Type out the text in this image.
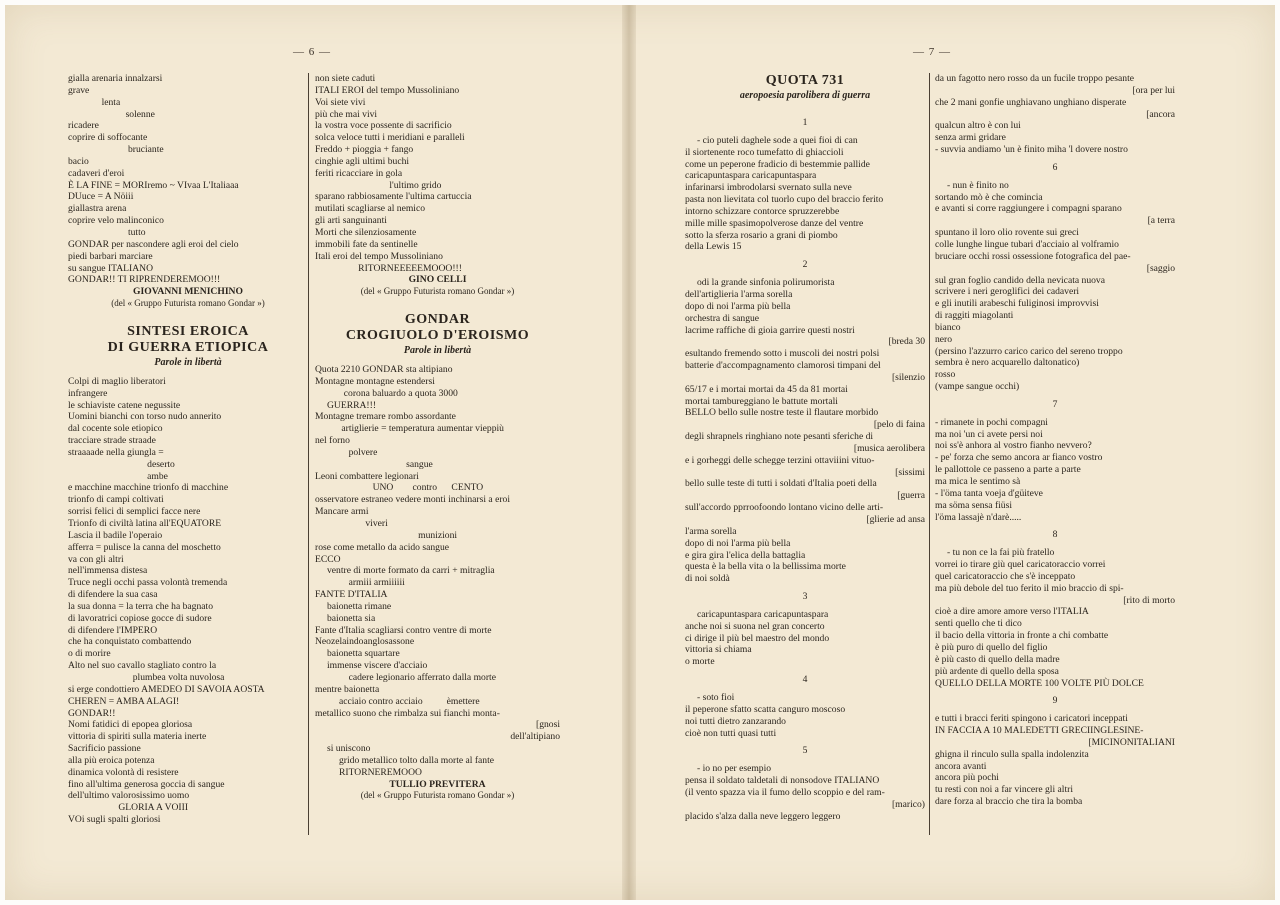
— 6 —	— 7 —
gialla arenaria innalzarsi
grave
lenta
solenne
ricadere
coprire di soffocante
bruciante
bacio
cadaveri d'eroi
È LA FINE = MORIremo ~ VIvaa L'Italiaaa
DUuce = A Nöiii
giallastra arena
coprire velo malinconico
tutto
GONDAR per nascondere agli eroi del cielo
piedi barbari marciare
su sangue ITALIANO
GONDAR!! TI RIPRENDEREMOO!!!
GIOVANNI MENICHINO
(del « Gruppo Futurista romano Gondar »)
SINTESI EROICA
DI GUERRA ETIOPICA
Parole in libertà
Colpi di maglio liberatori
infrangere
le schiaviste catene negussite
Uomini bianchi con torso nudo annerito
dal cocente sole etiopico
tracciare strade straade
straaaade nella giungla =
deserto
ambe
e macchine macchine trionfo di macchine
trionfo di campi coltivati
sorrisi felici di semplici facce nere
Trionfo di civiltà latina all'EQUATORE
Lascia il badile l'operaio
afferra = pulisce la canna del moschetto
va con gli altri
nell'immensa distesa
Truce negli occhi passa volontà tremenda
di difendere la sua casa
la sua donna = la terra che ha bagnato
di lavoratrici copiose gocce di sudore
di difendere l'IMPERO
che ha conquistato combattendo
o di morire
Alto nel suo cavallo stagliato contro la
plumbea volta nuvolosa
si erge condottiero AMEDEO DI SAVOIA AOSTA
CHEREN = AMBA ALAGI!
GONDAR!!
Nomi fatidici di epopea gloriosa
vittoria di spiriti sulla materia inerte
Sacrificio passione
alla più eroica potenza
dinamica volontà di resistere
fino all'ultima generosa goccia di sangue
dell'ultimo valorosissimo uomo
GLORIA A VOIII
VOi sugli spalti gloriosi
non siete caduti
ITALI EROI del tempo Mussoliniano
Voi siete vivi
più che mai vivi
la vostra voce possente di sacrificio
solca veloce tutti i meridiani e paralleli
Freddo + pioggia + fango
cinghie agli ultimi buchi
feriti ricacciare in gola
l'ultimo grido
sparano rabbiosamente l'ultima cartuccia
mutilati scagliarse al nemico
gli arti sanguinanti
Morti che silenziosamente
immobili fate da sentinelle
Itali eroi del tempo Mussoliniano
RITORNEEEEEMOOO!!!
GINO CELLI
(del « Gruppo Futurista romano Gondar »)
GONDAR
CROGIUOLO D'EROISMO
Parole in libertà
Quota 2210 GONDAR sta altipiano
Montagne montagne estendersi
corona baluardo a quota 3000
GUERRA!!!
Montagne tremare rombo assordante
artiglierie = temperatura aumentar vieppiù
nel forno
polvere
sangue
Leoni combattere legionari
UNO        contro      CENTO
osservatore estraneo vedere monti inchinarsi a eroi
Mancare armi
viveri
munizioni
rose come metallo da acido sangue
ECCO
ventre di morte formato da carri + mitraglia
armiii armiiiiii
FANTE D'ITALIA
baionetta rimane
baionetta sia
Fante d'Italia scagliarsi contro ventre di morte
Neozelaindoanglosassone
baionetta squartare
immense viscere d'acciaio
cadere legionario afferrato dalla morte
mentre baionetta
acciaio contro acciaio          èmettere
metallico suono che rimbalza sui fianchi monta-
[gnosi
dell'altipiano
si uniscono
grido metallico tolto dalla morte al fante
RITORNEREMOOO
TULLIO PREVITERA
(del « Gruppo Futurista romano Gondar »)
QUOTA 731
aeropoesia parolibera di guerra
1
- cio puteli daghele sode a quei fioi di can
il siortenente roco tumefatto di ghiaccioli
come un peperone fradicio di bestemmie pallide
caricapuntaspara caricapuntaspara
infarinarsi imbrodolarsi svernato sulla neve
pasta non lievitata col tuorlo cupo del braccio ferito
intorno schizzare contorce spruzzerebbe
mille mille spasimopolverose danze del ventre
sotto la sferza rosario a grani di piombo
della Lewis 15
2
odi la grande sinfonia polirumorista
dell'artiglieria l'arma sorella
dopo di noi l'arma più bella
orchestra di sangue
lacrime raffiche di gioia garrire questi nostri
[breda 30
esultando fremendo sotto i muscoli dei nostri polsi
batterie d'accompagnamento clamorosi timpani del
[silenzio
65/17 e i mortai mortai da 45 da 81 mortai
mortai tambureggiano le battute mortali
BELLO bello sulle nostre teste il flautare morbido
[pelo di faina
degli shrapnels ringhiano note pesanti sferiche di
[musica aerolibera
e i gorheggi delle schegge terzini ottaviiini vituo-
[sissimi
bello sulle teste di tutti i soldati d'Italia poeti della
[guerra
sull'accordo pprroofoondo lontano vicino delle arti-
[glierie ad ansa
l'arma sorella
dopo di noi l'arma più bella
e gira gira l'elica della battaglia
questa è la bella vita o la bellissima morte
di noi soldà
3
caricapuntaspara caricapuntaspara
anche noi si suona nel gran concerto
ci dirige il più bel maestro del mondo
vittoria si chiama
o morte
4
- soto fioi
il peperone sfatto scatta canguro moscoso
noi tutti dietro zanzarando
cioè non tutti quasi tutti
5
- io no per esempio
pensa il soldato taldetali di nonsodove ITALIANO
(il vento spazza via il fumo dello scoppio e del ram-
[marico)
placido s'alza dalla neve leggero leggero
da un fagotto nero rosso da un fucile troppo pesante
[ora per lui
che 2 mani gonfie unghiavano unghiano disperate
[ancora
qualcun altro è con lui
senza armi gridare
- suvvia andiamo 'un è finito miha 'l dovere nostro
6
- nun è finito no
sortando mò è che comincia
e avanti si corre raggiungere i compagni sparano
[a terra
spuntano il loro olio rovente sui greci
colle lunghe lingue tubari d'acciaio al volframio
bruciare occhi rossi ossessione fotografica del pae-
[saggio
sul gran foglio candido della nevicata nuova
scrivere i neri geroglifici dei cadaveri
e gli inutili arabeschi fuliginosi improvvisi
di raggiti miagolanti
bianco
nero
(persino l'azzurro carico carico del sereno troppo
sembra è nero acquarello daltonatico)
rosso
(vampe sangue occhi)
7
- rimanete in pochi compagni
ma noi 'un ci avete persi noi
noi ss'è anhora al vostro fianho nevvero?
- pe' forza che semo ancora ar fianco vostro
le pallottole ce passeno a parte a parte
ma mica le sentimo sà
- l'öma tanta voeja d'güiteve
ma söma sensa fiüsi
l'öma lassajè n'darè.....
8
- tu non ce la fai più fratello
vorrei io tirare giù quel caricatoraccio vorrei
quel caricatoraccio che s'è inceppato
ma più debole del tuo ferito il mio braccio di spi-
[rito di morto
cioè a dire amore amore verso l'ITALIA
senti quello che ti dico
il bacio della vittoria in fronte a chi combatte
è più puro di quello del figlio
è più casto di quello della madre
più ardente di quello della sposa
QUELLO DELLA MORTE 100 VOLTE PIÙ DOLCE
9
e tutti i bracci feriti spingono i caricatori inceppati
IN FACCIA A 10 MALEDETTI GRECIINGLESINE-
[MICINONITALIANI
ghigna il rinculo sulla spalla indolenzita
ancora avanti
ancora più pochi
tu resti con noi a far vincere gli altri
dare forza al braccio che tira la bomba
